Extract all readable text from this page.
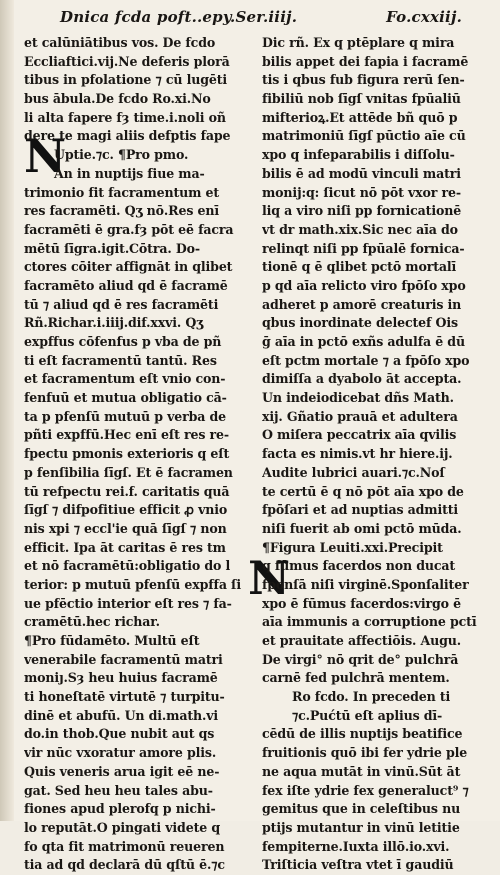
Dnica fcda poft..epy.Ser.iiij.	Fo.cxxiij.
N
N
et calūniātibus vos. De fcdo
Eccliaftici.vij.Ne deferis plorā
tibus in pfolatione ⁊ cū lugēti
bus ābula.De fcdo Ro.xi.No
li alta fapere fȝ time.i.noli oñ
dere te magi aliis defptis fape
Uptie.⁊c. ¶Pro pmo.
An in nuptijs fiue ma-
trimonio fit facramentum et
res facramēti. Qʒ nō.Res enī
facramēti ē gra.fȝ pōt eē facra
mētū ſīgra.igit.Cōtra. Do-
ctores cōiter affignāt in qlibet
facramēto aliud qd ē facramē
tū ⁊ aliud qd ē res facramēti
Rñ.Richar.i.iiij.dif.xxvi. Qʒ
expffus cōfenfus p vba de pñ
ti eſt facramentū tantū. Res
et facramentum eſt vnio con-
fenfuū et mutua obligatio cā-
ta p pfenſū mutuū p verba de
pñti expffū.Hec enī eſt res re-
fpectu pmonis exterioris q eſt
p fenſibilia ſīgſ. Et ē facramen
tū refpectu rei.f. caritatis quā
ſīgſ ⁊ difpofitiue efficit ꝓ vnio
nis xpi ⁊ eccl'ie quā ſīgſ ⁊ non
efficit. Ipa āt caritas ē res tm
et nō facramētū:obligatio do l
terior: p mutuū pfenſū expffa ſi
ue pfēctio interior eſt res ⁊ fa-
cramētū.hec richar.
¶Pro fūdamēto. Multū eſt
venerabile facramentū matri
moniȷ.Sȝ heu huius facramē
ti honeſtatē virtutē ⁊ turpitu-
dinē et abufū. Un di.math.vi
do.in thob.Que nubit aut qs
vir nūc vxoratur amore plis.
Quis veneris arua igit eē ne-
gat. Sed heu heu tales abu-
fiones apud plerofq p nichi-
lo reputāt.O pingati videte q
fo qta fit matrimonū reueren
tia ad qd declarā dū qſtū ē.⁊c
Dic rñ. Ex q ptēplare q mira
bilis appet dei fapia i facramē
tis i qbus fub figura rerū ſen-
fibiliū nob ſīgſ vnitas fpūaliū
mifterioꝝ.Et attēde bñ quō p
matrimoniū ſīgſ pūctio aīe cū
xpo q infeparabilis i diſſolu-
bilis ē ad modū vinculi matri
monij:q: ſicut nō pōt vxor re-
liq a viro niſi pp fornicationē
vt dr math.xix.Sic nec aīa do
relinqt niſi pp fpūalē fornica-
tionē q ē qlibet pctō mortalī
p qd aīa relicto viro fpōſo xpo
adheret p amorē creaturis in
qbus inordinate delectef Ois
ḡ aīa in pctō exñs adulfa ē dū
eſt pctm mortale ⁊ a fpōſo xpo
dimiſſa a dyabolo āt accepta.
Un indeiodicebat dñs Math.
xij. Gñatio prauā et adultera
O miſera peccatrix aīa qvilis
facta es nimis.vt hr hiere.ij.
Audite lubrici auari.⁊c.Noſ
te certū ē q nō pōt aīa xpo de
fpōſari et ad nuptias admitti
niſi fuerit ab omi pctō mūda.
¶Figura Leuiti.xxi.Precipit
q fūmus facerdos non ducat
fponſā niſi virginē.Sponſaliter
xpo ē fūmus facerdos:virgo ē
aīa immunis a corruptione pctī
et prauitate affectiōis. Augu.
De virgi° nō qrit de° pulchrā
carnē fed pulchrā mentem.
Ro fcdo. In preceden ti
⁊c.Pućtū eſt aplius dī-
cēdū de illis nuptijs beatifice
fruitionis quō ibi fer ydrie ple
ne aqua mutāt in vinū.Sūt āt
fex iſte ydrie fex generaluct⁹ ⁊
gemitus que in celeſtibus nu
ptijs mutantur in vinū letitie
fempiterne.Iuxta illō.io.xvi.
Triſticia veſtra vtet ī gaudiū
